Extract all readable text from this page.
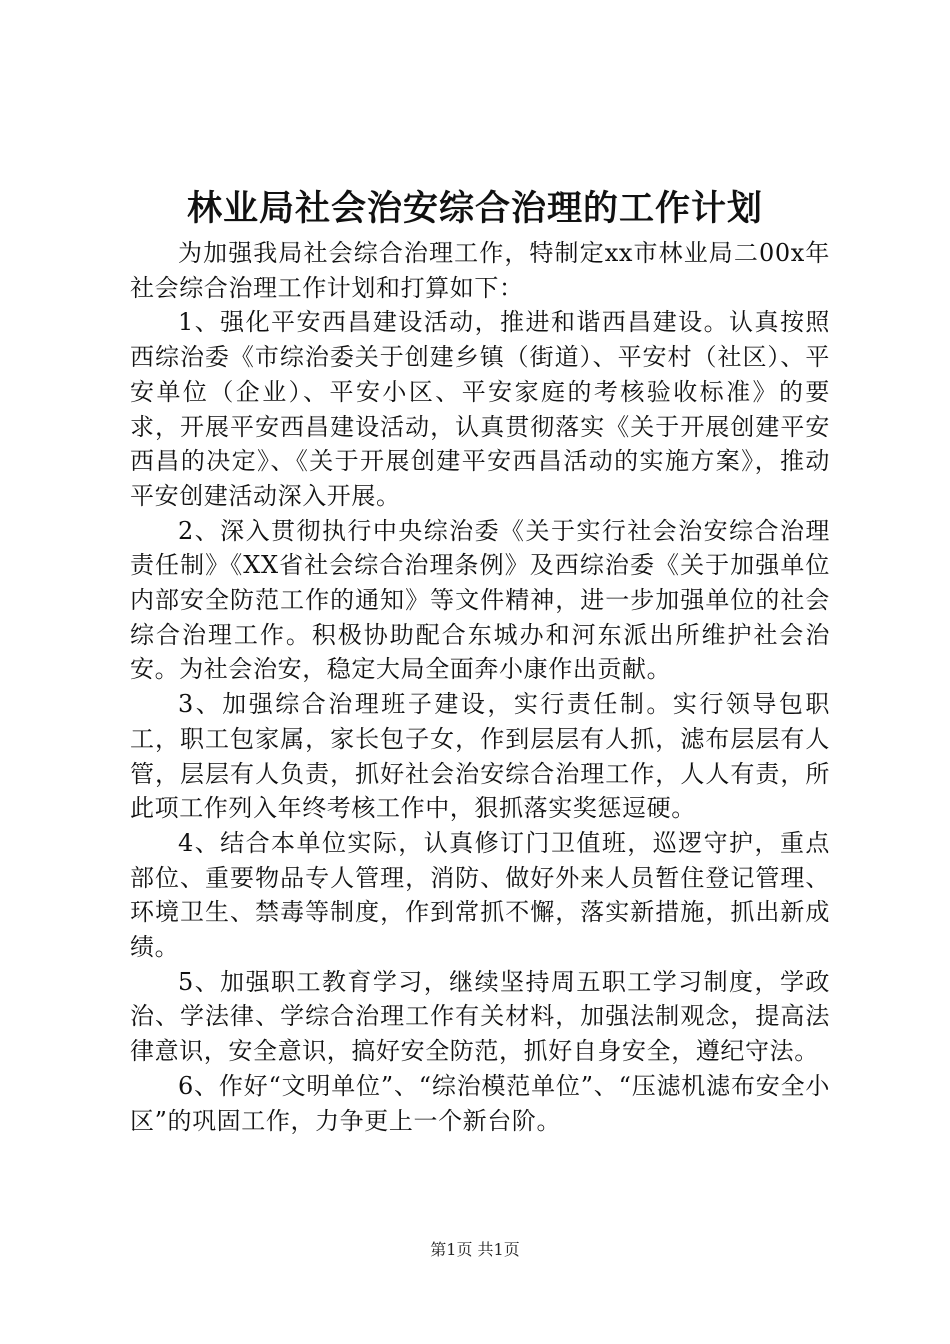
林业局社会治安综合治理的工作计划

为加强我局社会综合治理工作，特制定xx市林业局二00x年社会综合治理工作计划和打算如下：

1、强化平安西昌建设活动，推进和谐西昌建设。认真按照西综治委《市综治委关于创建乡镇（街道）、平安村（社区）、平安单位（企业）、平安小区、平安家庭的考核验收标准》的要求，开展平安西昌建设活动，认真贯彻落实《关于开展创建平安西昌的决定》、《关于开展创建平安西昌活动的实施方案》，推动平安创建活动深入开展。

2、深入贯彻执行中央综治委《关于实行社会治安综合治理责任制》《XX省社会综合治理条例》及西综治委《关于加强单位内部安全防范工作的通知》等文件精神，进一步加强单位的社会综合治理工作。积极协助配合东城办和河东派出所维护社会治安。为社会治安，稳定大局全面奔小康作出贡献。

3、加强综合治理班子建设，实行责任制。实行领导包职工，职工包家属，家长包子女，作到层层有人抓，滤布层层有人管，层层有人负责，抓好社会治安综合治理工作，人人有责，所此项工作列入年终考核工作中，狠抓落实奖惩逗硬。

4、结合本单位实际，认真修订门卫值班，巡逻守护，重点部位、重要物品专人管理，消防、做好外来人员暂住登记管理、环境卫生、禁毒等制度，作到常抓不懈，落实新措施，抓出新成绩。

5、加强职工教育学习，继续坚持周五职工学习制度，学政治、学法律、学综合治理工作有关材料，加强法制观念，提高法律意识，安全意识，搞好安全防范，抓好自身安全，遵纪守法。

6、作好“文明单位”、“综治模范单位”、“压滤机滤布安全小区”的巩固工作，力争更上一个新台阶。

第1页 共1页
